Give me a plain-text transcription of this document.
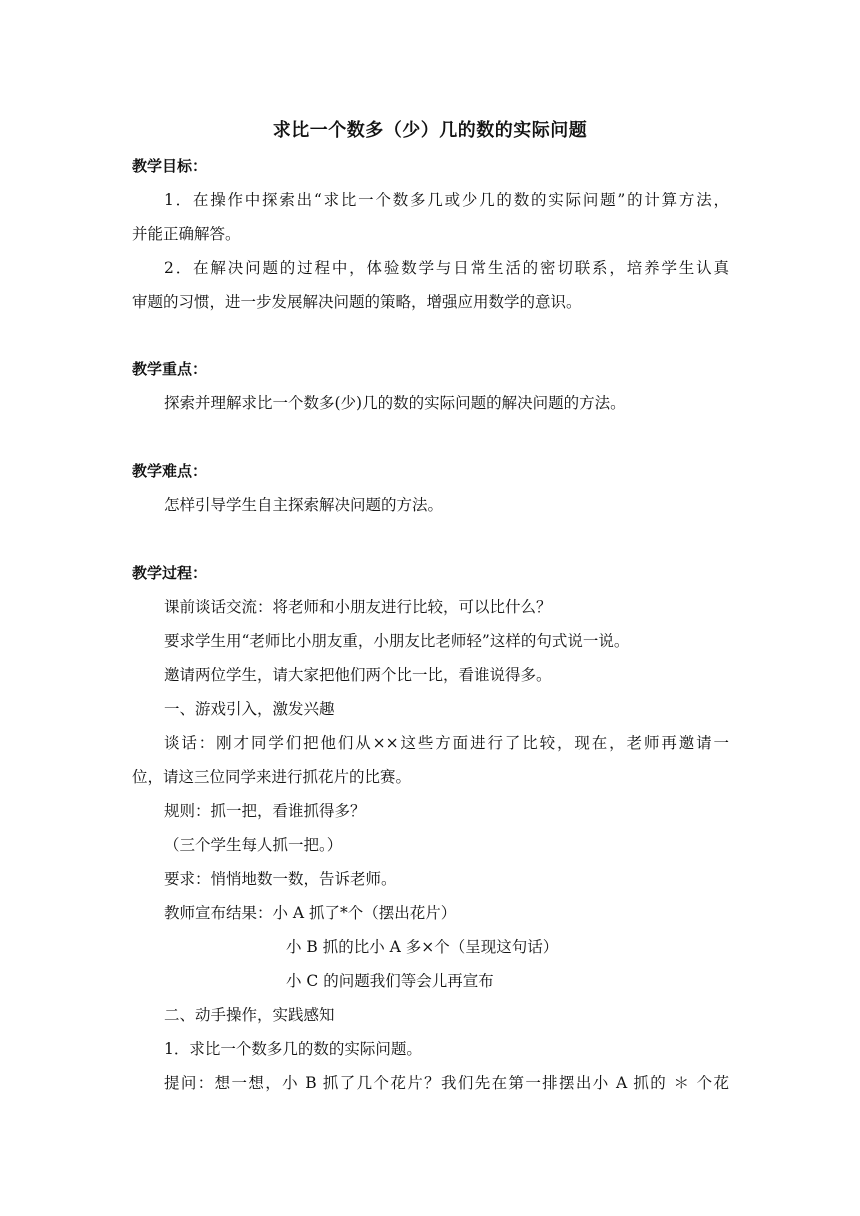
求比一个数多（少）几的数的实际问题
教学目标：
1．在操作中探索出“求比一个数多几或少几的数的实际问题”的计算方法，
并能正确解答。
2．在解决问题的过程中，体验数学与日常生活的密切联系，培养学生认真
审题的习惯，进一步发展解决问题的策略，增强应用数学的意识。
教学重点：
探索并理解求比一个数多(少)几的数的实际问题的解决问题的方法。
教学难点：
怎样引导学生自主探索解决问题的方法。
教学过程：
课前谈话交流：将老师和小朋友进行比较，可以比什么？
要求学生用“老师比小朋友重，小朋友比老师轻”这样的句式说一说。
邀请两位学生，请大家把他们两个比一比，看谁说得多。
一、游戏引入，激发兴趣
谈话：刚才同学们把他们从××这些方面进行了比较，现在，老师再邀请一
位，请这三位同学来进行抓花片的比赛。
规则：抓一把，看谁抓得多？
（三个学生每人抓一把。）
要求：悄悄地数一数，告诉老师。
教师宣布结果：小 A 抓了*个（摆出花片）
小 B 抓的比小 A 多×个（呈现这句话）
小 C 的问题我们等会儿再宣布
二、动手操作，实践感知
1．求比一个数多几的数的实际问题。
提问：想一想，小 B 抓了几个花片？我们先在第一排摆出小 A 抓的 ＊ 个花
